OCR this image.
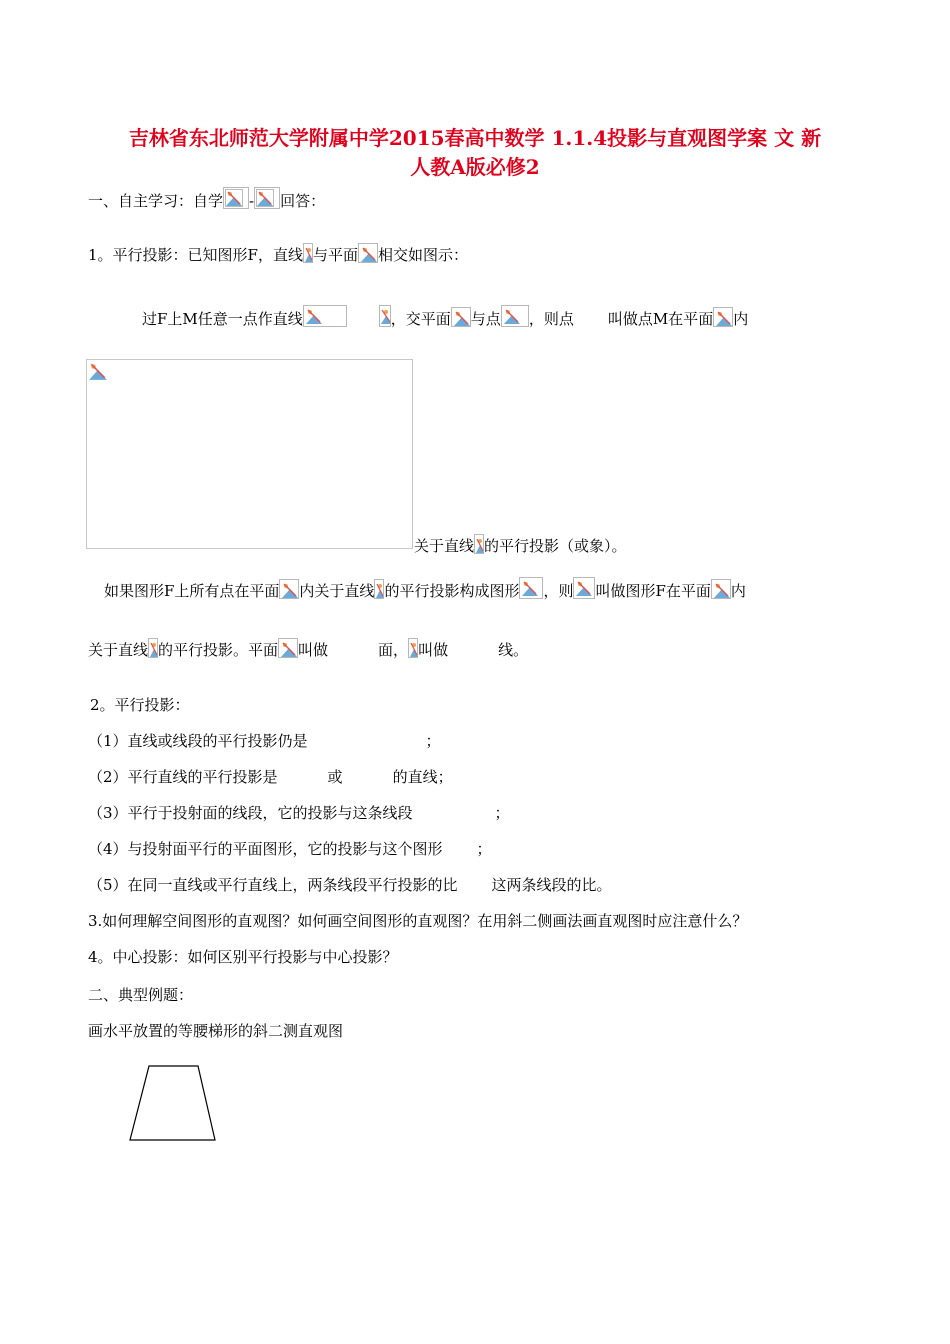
吉林省东北师范大学附属中学2015春高中数学 1.1.4投影与直观图学案 文 新
人教A版必修2
一、自主学习：自学 - 回答：
1。平行投影：已知图形F，直线 与平面 相交如图示：
过F上M任意一点作直线	，交平面 与点 ，则点 叫做点M在平面 内
关于直线 的平行投影（或象）。
如果图形F上所有点在平面 内关于直线 的平行投影构成图形 ，则 叫做图形F在平面 内
关于直线 的平行投影。平面 叫做	面， 叫做	线。
2。平行投影：
（1）直线或线段的平行投影仍是	；
（2）平行直线的平行投影是	或	的直线；
（3）平行于投射面的线段，它的投影与这条线段	；
（4）与投射面平行的平面图形，它的投影与这个图形 ；
（5）在同一直线或平行直线上，两条线段平行投影的比 这两条线段的比。
3.如何理解空间图形的直观图？如何画空间图形的直观图？在用斜二侧画法画直观图时应注意什么？
4。中心投影：如何区别平行投影与中心投影？
二、典型例题：
画水平放置的等腰梯形的斜二测直观图
